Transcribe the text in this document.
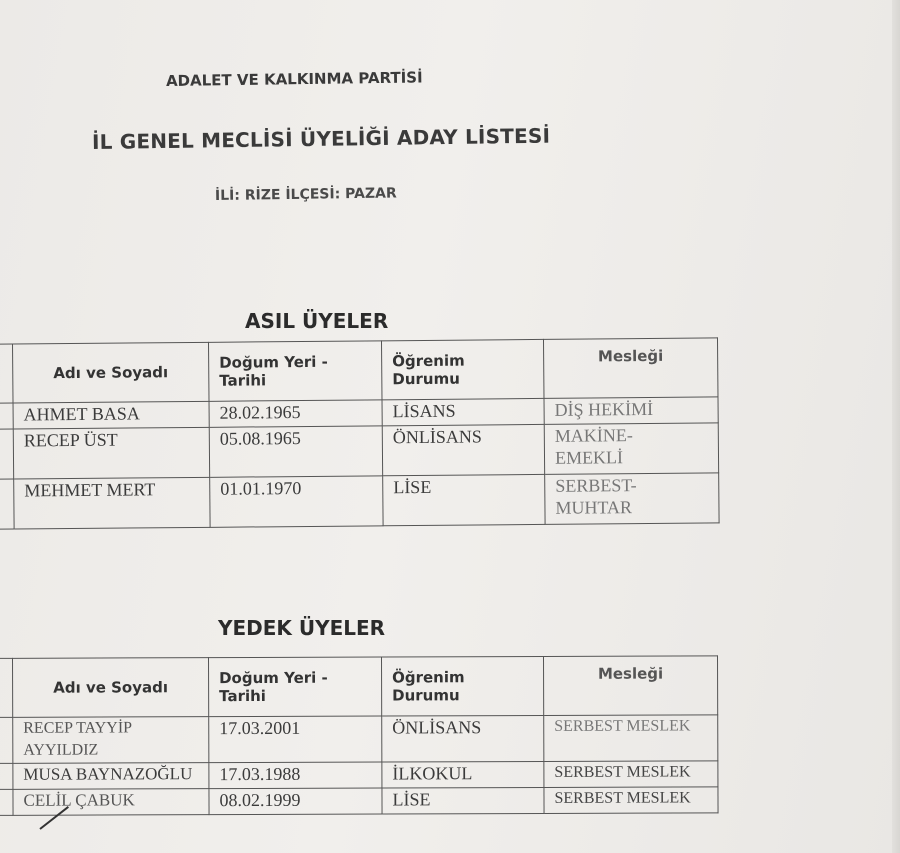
ADALET VE KALKINMA PARTİSİ
İL GENEL MECLİSİ ÜYELİĞİ ADAY LİSTESİ
İLİ: RİZE İLÇESİ: PAZAR
ASIL ÜYELER
	Adı ve Soyadı	Doğum Yeri - Tarihi	Öğrenim Durumu	Mesleği
	AHMET BASA	28.02.1965	LİSANS	DİŞ HEKİMİ
	RECEP ÜST	05.08.1965	ÖNLİSANS	MAKİNE-
EMEKLİ
	MEHMET MERT	01.01.1970	LİSE	SERBEST-
MUHTAR
YEDEK ÜYELER
	Adı ve Soyadı	Doğum Yeri - Tarihi	Öğrenim Durumu	Mesleği
	RECEP TAYYİP
AYYILDIZ	17.03.2001	ÖNLİSANS	SERBEST MESLEK
	MUSA BAYNAZOĞLU	17.03.1988	İLKOKUL	SERBEST MESLEK
	CELİL ÇABUK	08.02.1999	LİSE	SERBEST MESLEK
